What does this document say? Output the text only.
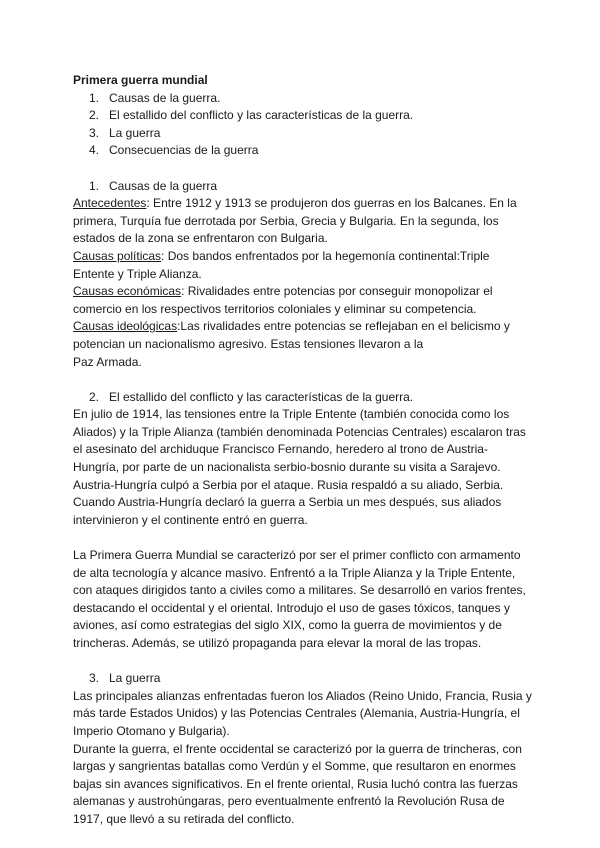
Primera guerra mundial

1. Causas de la guerra.
2. El estallido del conflicto y las características de la guerra.
3. La guerra
4. Consecuencias de la guerra
1. Causas de la guerra

Antecedentes: Entre 1912 y 1913 se produjeron dos guerras en los Balcanes. En la primera, Turquía fue derrotada por Serbia, Grecia y Bulgaria. En la segunda, los estados de la zona se enfrentaron con Bulgaria.

Causas políticas: Dos bandos enfrentados por la hegemonía continental:Triple Entente y Triple Alianza.

Causas económicas: Rivalidades entre potencias por conseguir monopolizar el comercio en los respectivos territorios coloniales y eliminar su competencia.

Causas ideológicas:Las rivalidades entre potencias se reflejaban en el belicismo y potencian un nacionalismo agresivo. Estas tensiones llevaron a la

Paz Armada.

2. El estallido del conflicto y las características de la guerra.

En julio de 1914, las tensiones entre la Triple Entente (también conocida como los Aliados) y la Triple Alianza (también denominada Potencias Centrales) escalaron tras el asesinato del archiduque Francisco Fernando, heredero al trono de Austria-Hungría, por parte de un nacionalista serbio-bosnio durante su visita a Sarajevo. Austria-Hungría culpó a Serbia por el ataque. Rusia respaldó a su aliado, Serbia. Cuando Austria-Hungría declaró la guerra a Serbia un mes después, sus aliados intervinieron y el continente entró en guerra.

La Primera Guerra Mundial se caracterizó por ser el primer conflicto con armamento de alta tecnología y alcance masivo. Enfrentó a la Triple Alianza y la Triple Entente, con ataques dirigidos tanto a civiles como a militares. Se desarrolló en varios frentes, destacando el occidental y el oriental. Introdujo el uso de gases tóxicos, tanques y aviones, así como estrategias del siglo XIX, como la guerra de movimientos y de trincheras. Además, se utilizó propaganda para elevar la moral de las tropas.

3. La guerra

Las principales alianzas enfrentadas fueron los Aliados (Reino Unido, Francia, Rusia y más tarde Estados Unidos) y las Potencias Centrales (Alemania, Austria-Hungría, el Imperio Otomano y Bulgaria).

Durante la guerra, el frente occidental se caracterizó por la guerra de trincheras, con largas y sangrientas batallas como Verdún y el Somme, que resultaron en enormes bajas sin avances significativos. En el frente oriental, Rusia luchó contra las fuerzas alemanas y austrohúngaras, pero eventualmente enfrentó la Revolución Rusa de 1917, que llevó a su retirada del conflicto.
